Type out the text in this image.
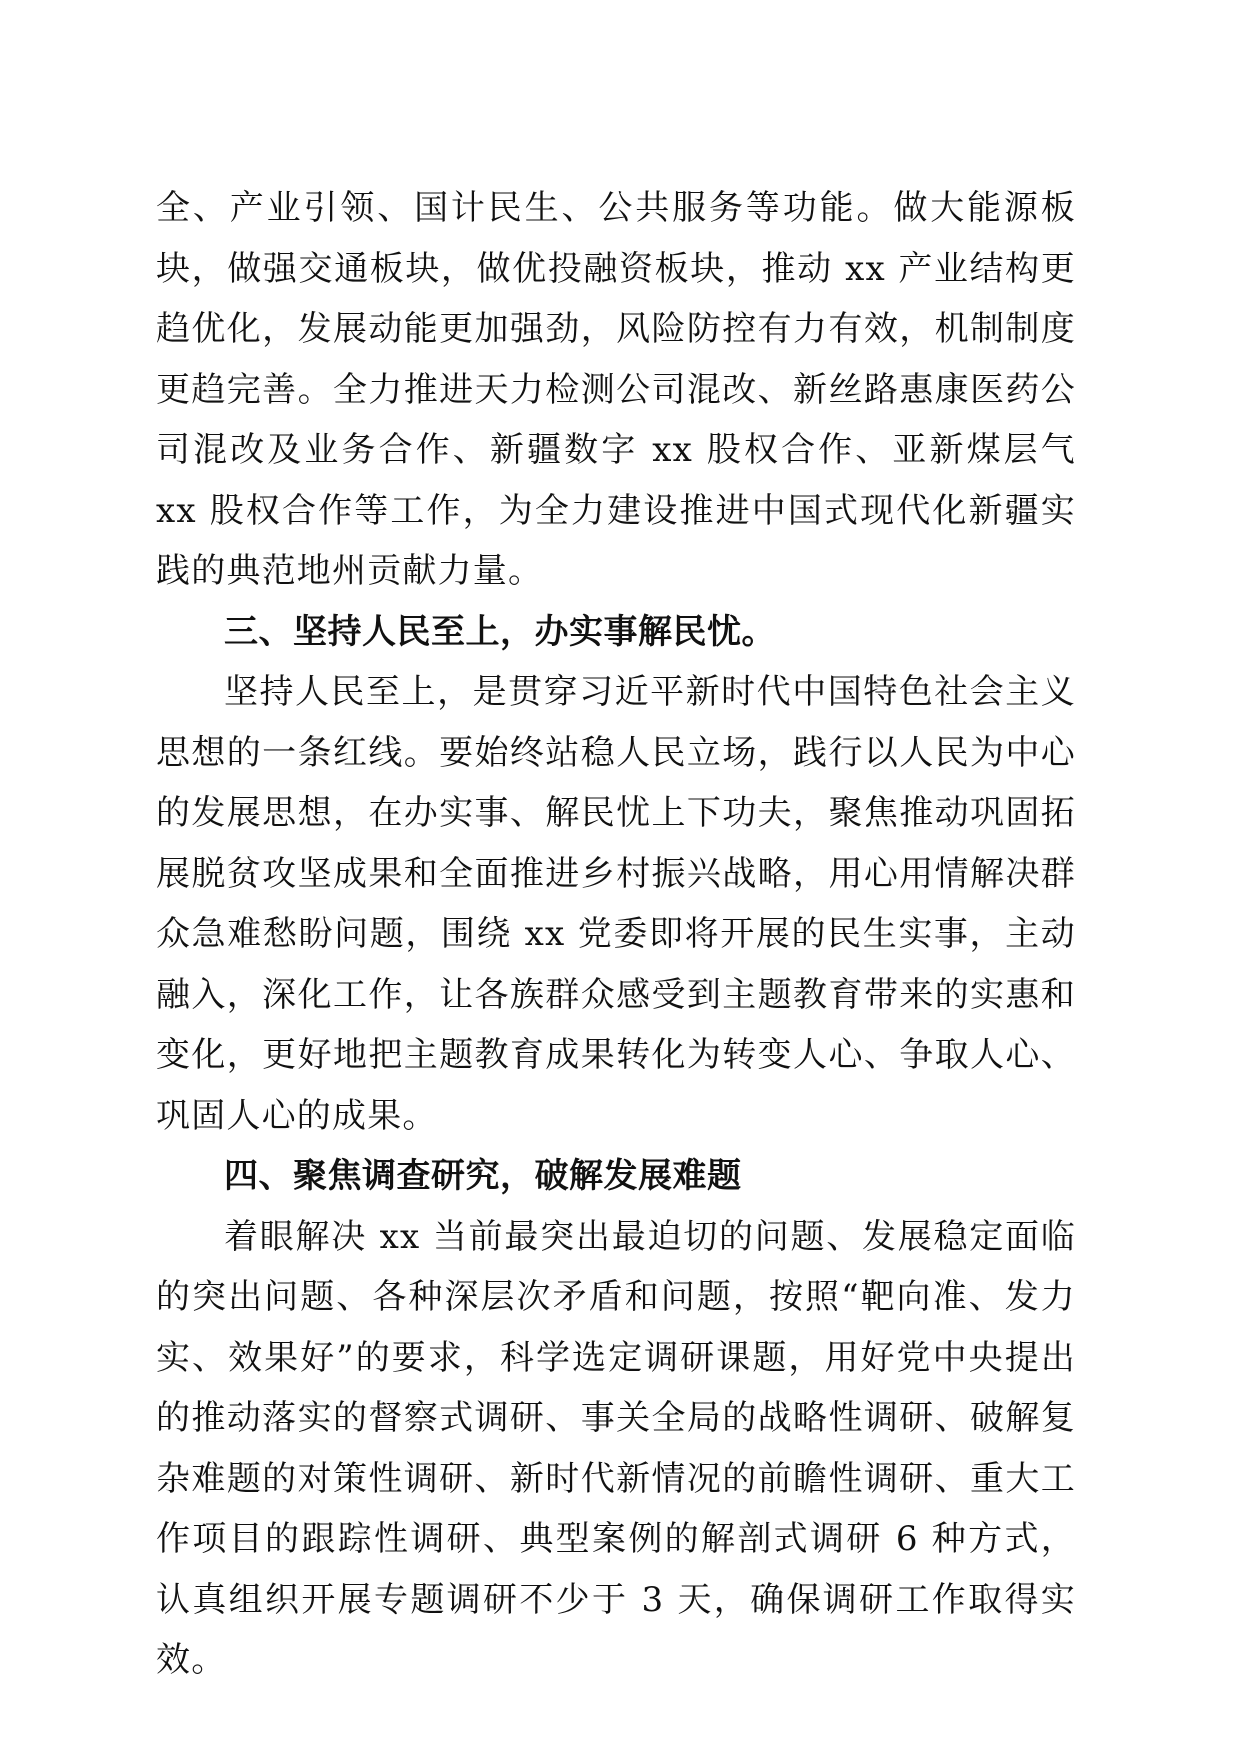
全、产业引领、国计民生、公共服务等功能。做大能源板块，做强交通板块，做优投融资板块，推动 xx 产业结构更趋优化，发展动能更加强劲，风险防控有力有效，机制制度更趋完善。全力推进天力检测公司混改、新丝路惠康医药公司混改及业务合作、新疆数字 xx 股权合作、亚新煤层气 xx 股权合作等工作，为全力建设推进中国式现代化新疆实践的典范地州贡献力量。

三、坚持人民至上，办实事解民忧。

坚持人民至上，是贯穿习近平新时代中国特色社会主义思想的一条红线。要始终站稳人民立场，践行以人民为中心的发展思想，在办实事、解民忧上下功夫，聚焦推动巩固拓展脱贫攻坚成果和全面推进乡村振兴战略，用心用情解决群众急难愁盼问题，围绕 xx 党委即将开展的民生实事，主动融入，深化工作，让各族群众感受到主题教育带来的实惠和变化，更好地把主题教育成果转化为转变人心、争取人心、巩固人心的成果。

四、聚焦调查研究，破解发展难题

着眼解决 xx 当前最突出最迫切的问题、发展稳定面临的突出问题、各种深层次矛盾和问题，按照“靶向准、发力实、效果好”的要求，科学选定调研课题，用好党中央提出的推动落实的督察式调研、事关全局的战略性调研、破解复杂难题的对策性调研、新时代新情况的前瞻性调研、重大工作项目的跟踪性调研、典型案例的解剖式调研 6 种方式，认真组织开展专题调研不少于 3 天，确保调研工作取得实效。
